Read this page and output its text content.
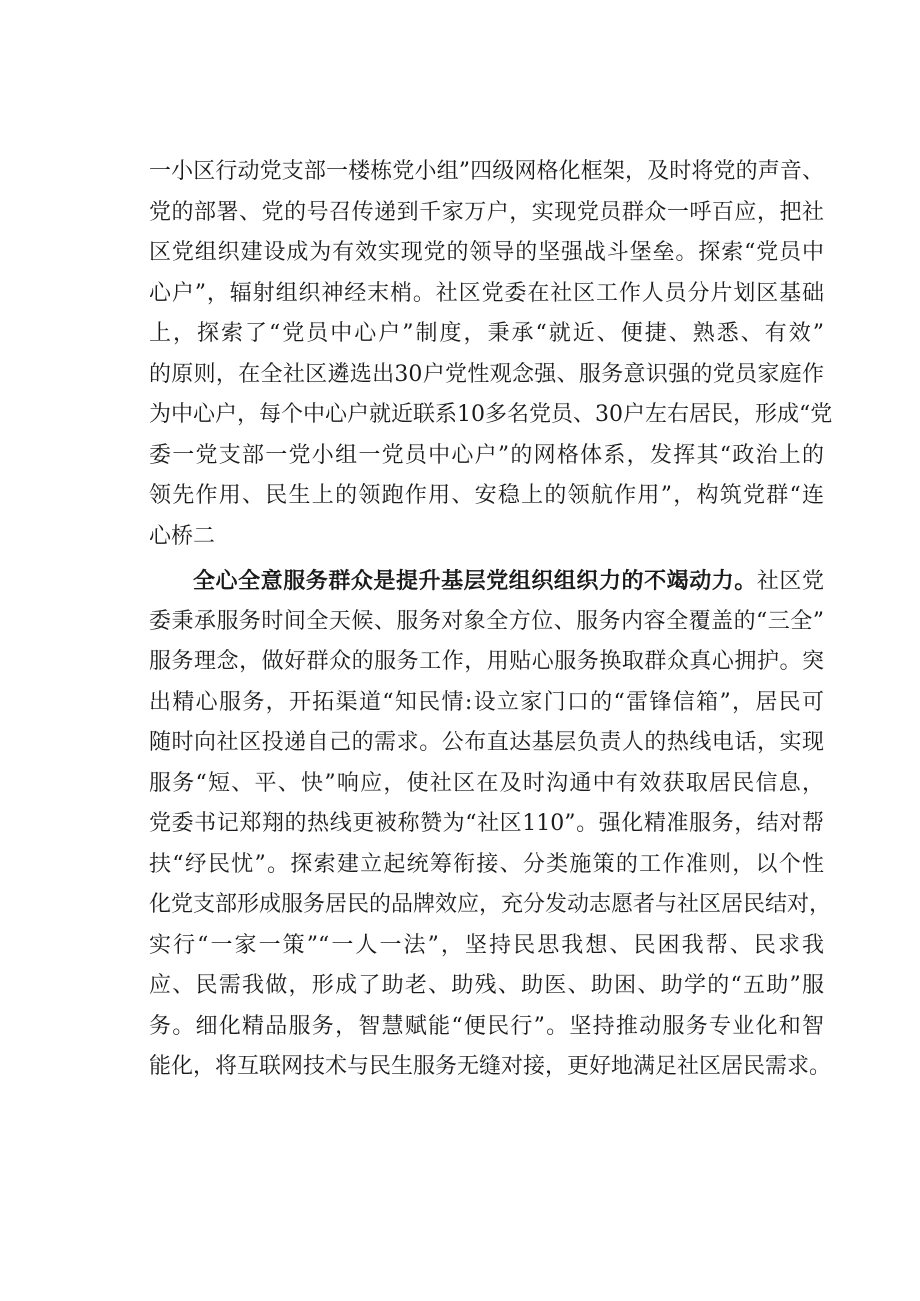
一小区行动党支部一楼栋党小组”四级网格化框架，及时将党的声音、
党的部署、党的号召传递到千家万户，实现党员群众一呼百应，把社
区党组织建设成为有效实现党的领导的坚强战斗堡垒。探索“党员中
心户”，辐射组织神经末梢。社区党委在社区工作人员分片划区基础
上，探索了“党员中心户”制度，秉承“就近、便捷、熟悉、有效”
的原则，在全社区遴选出30户党性观念强、服务意识强的党员家庭作
为中心户，每个中心户就近联系10多名党员、30户左右居民，形成“党
委一党支部一党小组一党员中心户”的网格体系，发挥其“政治上的
领先作用、民生上的领跑作用、安稳上的领航作用”，构筑党群“连
心桥二
全心全意服务群众是提升基层党组织组织力的不竭动力。社区党
委秉承服务时间全天候、服务对象全方位、服务内容全覆盖的“三全”
服务理念，做好群众的服务工作，用贴心服务换取群众真心拥护。突
出精心服务，开拓渠道“知民情:设立家门口的“雷锋信箱”，居民可
随时向社区投递自己的需求。公布直达基层负责人的热线电话，实现
服务“短、平、快”响应，使社区在及时沟通中有效获取居民信息，
党委书记郑翔的热线更被称赞为“社区110”。强化精准服务，结对帮
扶“纾民忧”。探索建立起统筹衔接、分类施策的工作准则，以个性
化党支部形成服务居民的品牌效应，充分发动志愿者与社区居民结对，
实行“一家一策”“一人一法”，坚持民思我想、民困我帮、民求我
应、民需我做，形成了助老、助残、助医、助困、助学的“五助”服
务。细化精品服务，智慧赋能“便民行”。坚持推动服务专业化和智
能化，将互联网技术与民生服务无缝对接，更好地满足社区居民需求。
